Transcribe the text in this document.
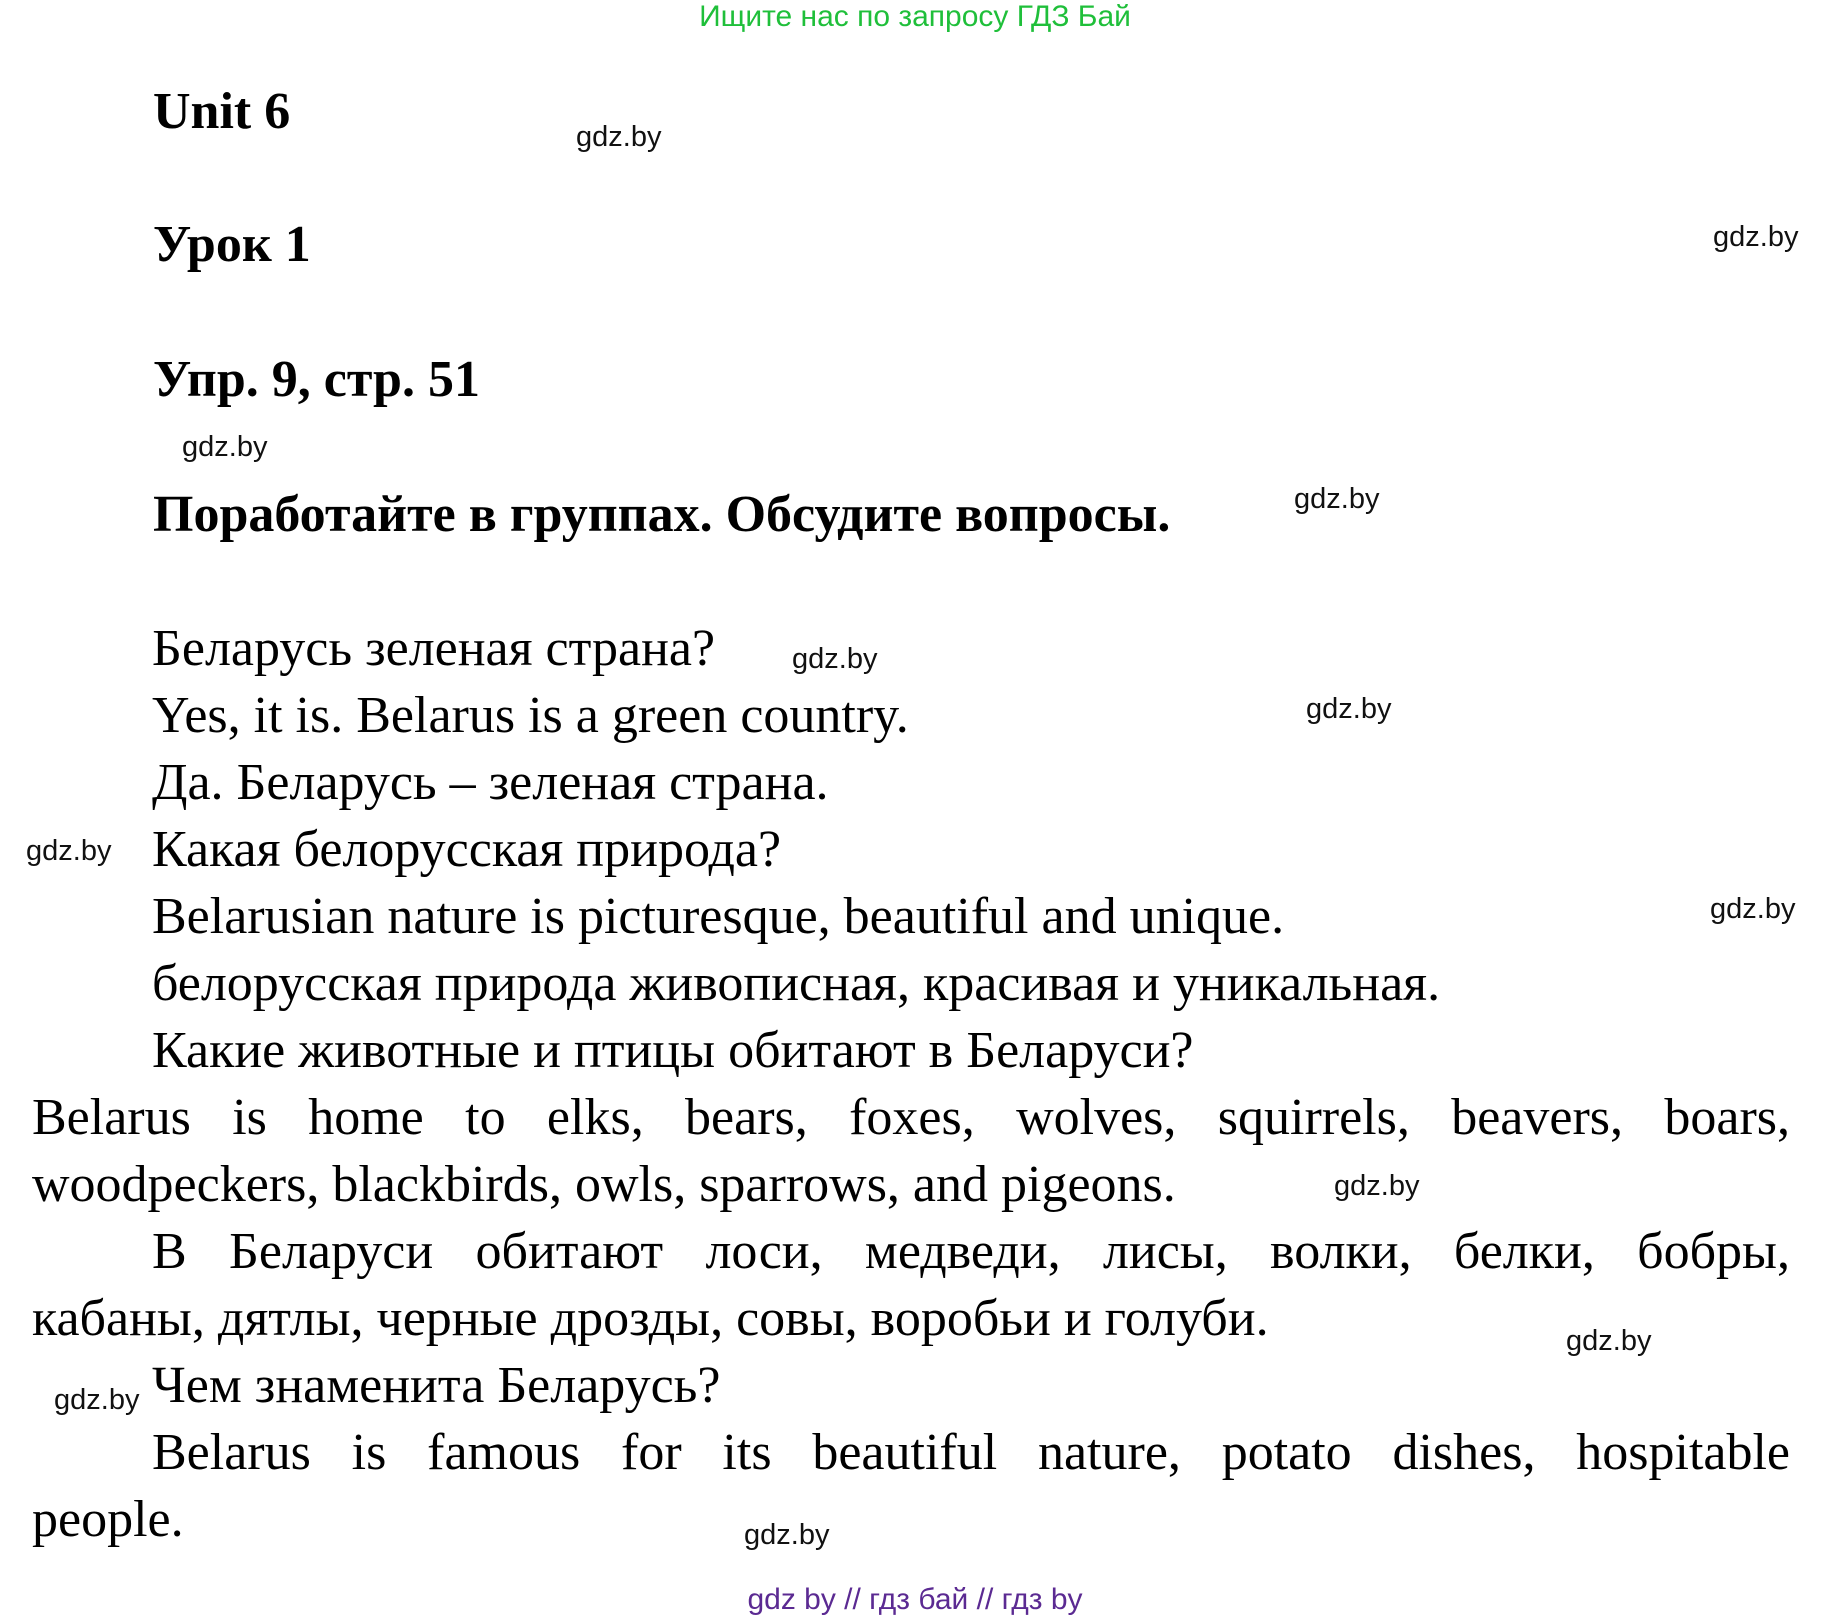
Ищите нас по запросу ГДЗ Бай
Unit 6
Урок 1
Упр. 9, стр. 51
Поработайте в группах. Обсудите вопросы.
Беларусь зеленая страна?
Yes, it is. Belarus is a green country.
Да. Беларусь – зеленая страна.
Какая белорусская природа?
Belarusian nature is picturesque, beautiful and unique.
белорусская природа живописная, красивая и уникальная.
Какие животные и птицы обитают в Беларуси?
Belarus is home to elks, bears, foxes, wolves, squirrels, beavers, boars,
woodpeckers, blackbirds, owls, sparrows, and pigeons.
В Беларуси обитают лоси, медведи, лисы, волки, белки, бобры,
кабаны, дятлы, черные дрозды, совы, воробьи и голуби.
Чем знаменита Беларусь?
Belarus is famous for its beautiful nature, potato dishes, hospitable
people.
gdz.by
gdz.by
gdz.by
gdz.by
gdz.by
gdz.by
gdz.by
gdz.by
gdz.by
gdz.by
gdz.by
gdz.by
gdz by // гдз бай // гдз by
